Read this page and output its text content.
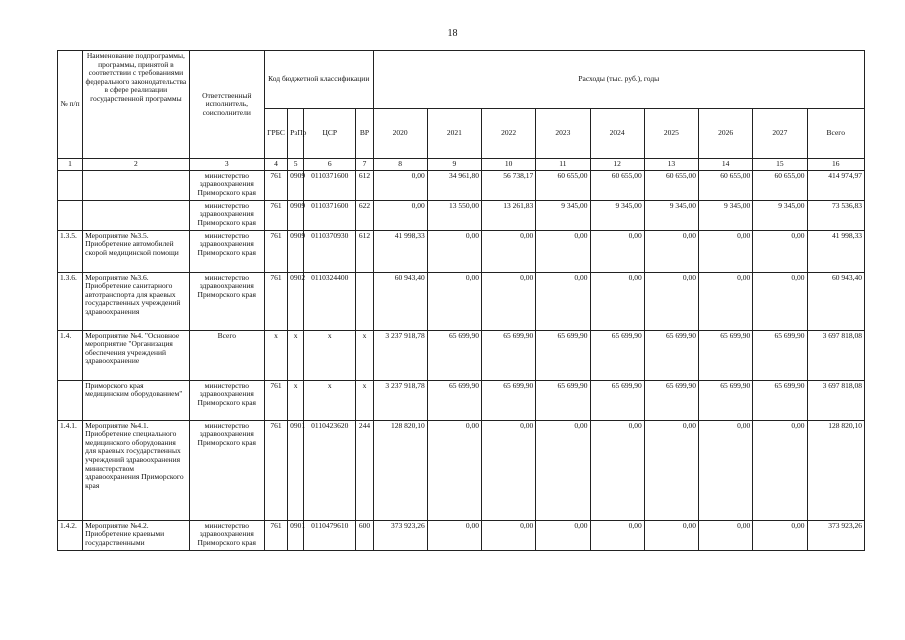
18
№ п/п	Наименование подпрограммы, программы, принятой в соответствии с требованиями федерального законодательства в сфере реализации государственной программы	Ответственный исполнитель, соисполнители	Код бюджетной классификации				Расходы (тыс. руб.), годы								
			ГРБС	РзПр	ЦСР	ВР	2020	2021	2022	2023	2024	2025	2026	2027	Всего
1	2	3	4	5	6	7	8	9	10	11	12	13	14	15	16
		министерство здравоохранения Приморского края	761	0909	0110371600	612	0,00	34 961,80	56 738,17	60 655,00	60 655,00	60 655,00	60 655,00	60 655,00	414 974,97
		министерство здравоохранения Приморского края	761	0909	0110371600	622	0,00	13 550,00	13 261,83	9 345,00	9 345,00	9 345,00	9 345,00	9 345,00	73 536,83
1.3.5.	Мероприятие №3.5. Приобретение автомобилей скорой медицинской помощи	министерство здравоохранения Приморского края	761	0909	0110370930	612	41 998,33	0,00	0,00	0,00	0,00	0,00	0,00	0,00	41 998,33
1.3.6.	Мероприятие №3.6. Приобретение санитарного автотранспорта для краевых государственных учреждений здравоохранения	министерство здравоохранения Приморского края	761	0902	0110324400		60 943,40	0,00	0,00	0,00	0,00	0,00	0,00	0,00	60 943,40
1.4.	Мероприятие №4. "Основное мероприятие "Организация обеспечения учреждений здравоохранение	Всего	x	x	x	x	3 237 918,78	65 699,90	65 699,90	65 699,90	65 699,90	65 699,90	65 699,90	65 699,90	3 697 818,08
	Приморского края медицинским оборудованием"	министерство здравоохранения Приморского края	761	x	x	x	3 237 918,78	65 699,90	65 699,90	65 699,90	65 699,90	65 699,90	65 699,90	65 699,90	3 697 818,08
1.4.1.	Мероприятие №4.1. Приобретение специального медицинского оборудования для краевых государственных учреждений здравоохранения министерством здравоохранения Приморского края	министерство здравоохранения Приморского края	761	0901	0110423620	244	128 820,10	0,00	0,00	0,00	0,00	0,00	0,00	0,00	128 820,10
1.4.2.	Мероприятие №4.2. Приобретение краевыми государственными	министерство здравоохранения Приморского края	761	0901	0110479610	600	373 923,26	0,00	0,00	0,00	0,00	0,00	0,00	0,00	373 923,26
